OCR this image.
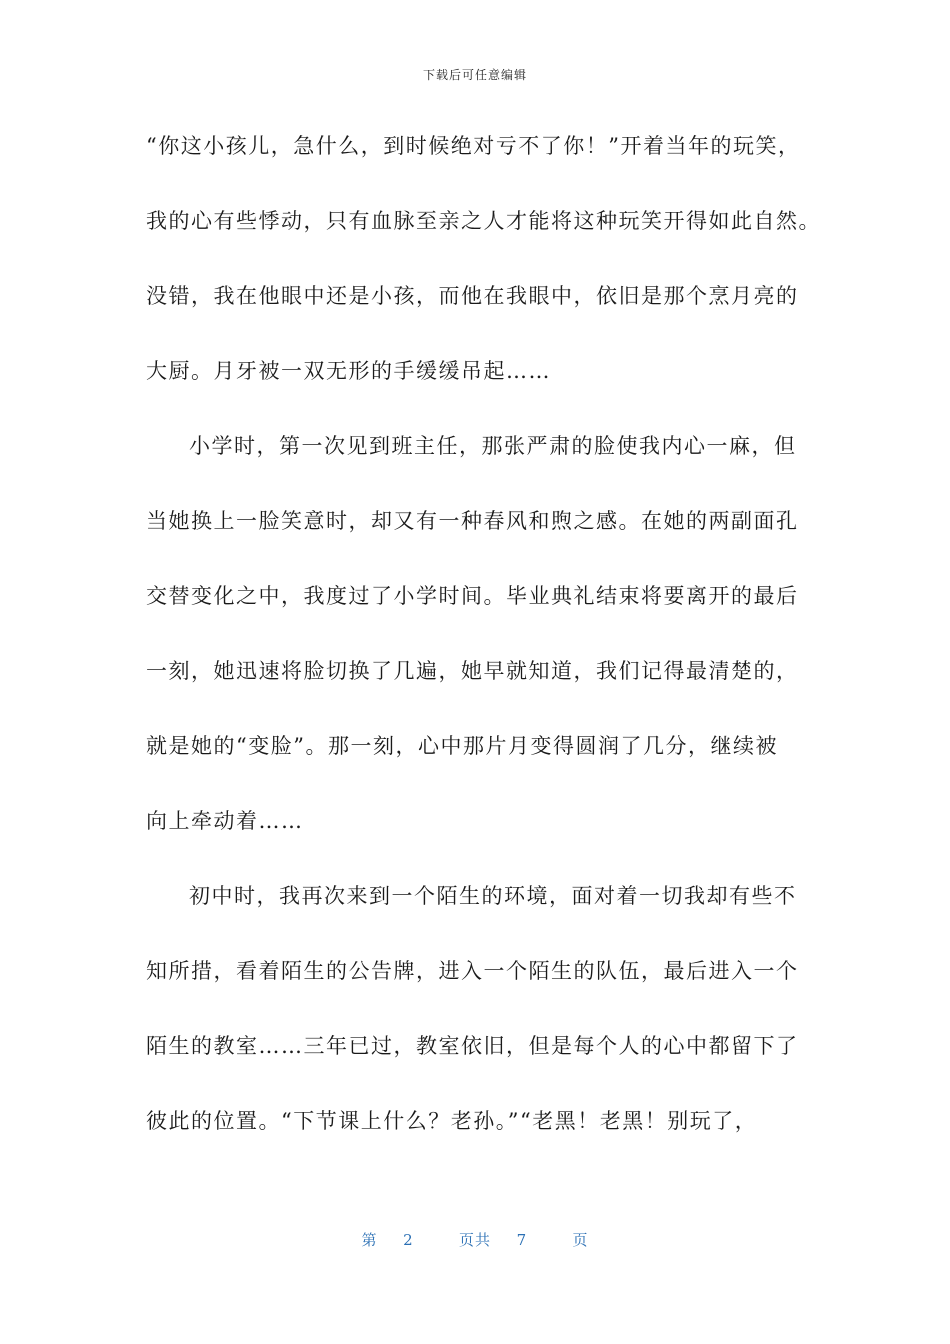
下载后可任意编辑
“你这小孩儿，急什么，到时候绝对亏不了你！”开着当年的玩笑，
我的心有些悸动，只有血脉至亲之人才能将这种玩笑开得如此自然。
没错，我在他眼中还是小孩，而他在我眼中，依旧是那个烹月亮的
大厨。月牙被一双无形的手缓缓吊起……
小学时，第一次见到班主任，那张严肃的脸使我内心一麻，但
当她换上一脸笑意时，却又有一种春风和煦之感。在她的两副面孔
交替变化之中，我度过了小学时间。毕业典礼结束将要离开的最后
一刻，她迅速将脸切换了几遍，她早就知道，我们记得最清楚的，
就是她的“变脸”。那一刻，心中那片月变得圆润了几分，继续被
向上牵动着……
初中时，我再次来到一个陌生的环境，面对着一切我却有些不
知所措，看着陌生的公告牌，进入一个陌生的队伍，最后进入一个
陌生的教室……三年已过，教室依旧，但是每个人的心中都留下了
彼此的位置。“下节课上什么？老孙。”“老黑！老黑！别玩了，
第 2	页共 7	页
